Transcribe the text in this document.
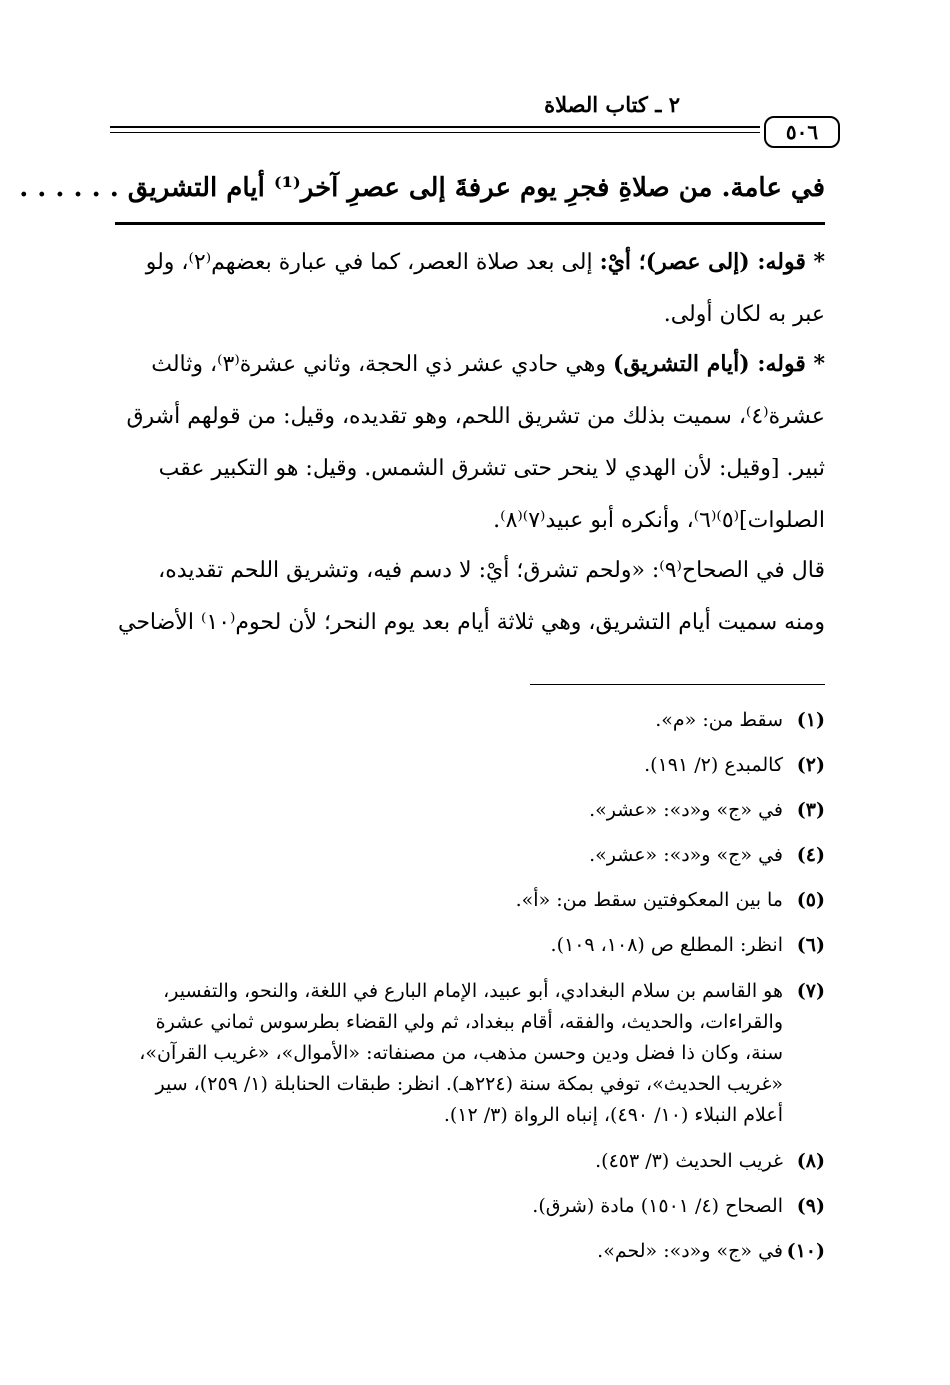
٢ ـ كتاب الصلاة
٥٠٦
في عامة. من صلاةِ فجرِ يوم عرفةَ إلى عصرِ آخر⁽¹⁾ أيام التشريق . . . . . .

* قوله: (إلى عصر)؛ أيْ: إلى بعد صلاة العصر، كما في عبارة بعضهم⁽٢⁾، ولو عبر به لكان أولى.

* قوله: (أيام التشريق) وهي حادي عشر ذي الحجة، وثاني عشرة⁽٣⁾، وثالث عشرة⁽٤⁾، سميت بذلك من تشريق اللحم، وهو تقديده، وقيل: من قولهم أشرق ثبير. [وقيل: لأن الهدي لا ينحر حتى تشرق الشمس. وقيل: هو التكبير عقب الصلوات]⁽٥⁾⁽٦⁾، وأنكره أبو عبيد⁽٧⁾⁽٨⁾.

قال في الصحاح⁽٩⁾: «ولحم تشرق؛ أيْ: لا دسم فيه، وتشريق اللحم تقديده، ومنه سميت أيام التشريق، وهي ثلاثة أيام بعد يوم النحر؛ لأن لحوم⁽١٠⁾ الأضاحي

(١)
سقط من: «م».
(٢)
كالمبدع (٢/ ١٩١).
(٣)
في «ج» و«د»: «عشر».
(٤)
في «ج» و«د»: «عشر».
(٥)
ما بين المعكوفتين سقط من: «أ».
(٦)
انظر: المطلع ص (١٠٨، ١٠٩).
(٧)
هو القاسم بن سلام البغدادي، أبو عبيد، الإمام البارع في اللغة، والنحو، والتفسير، والقراءات، والحديث، والفقه، أقام ببغداد، ثم ولي القضاء بطرسوس ثماني عشرة سنة، وكان ذا فضل ودين وحسن مذهب، من مصنفاته: «الأموال»، «غريب القرآن»، «غريب الحديث»، توفي بمكة سنة (٢٢٤هـ). انظر: طبقات الحنابلة (١/ ٢٥٩)، سير أعلام النبلاء (١٠/ ٤٩٠)، إنباه الرواة (٣/ ١٢).
(٨)
غريب الحديث (٣/ ٤٥٣).
(٩)
الصحاح (٤/ ١٥٠١) مادة (شرق).
(١٠)
في «ج» و«د»: «لحم».
